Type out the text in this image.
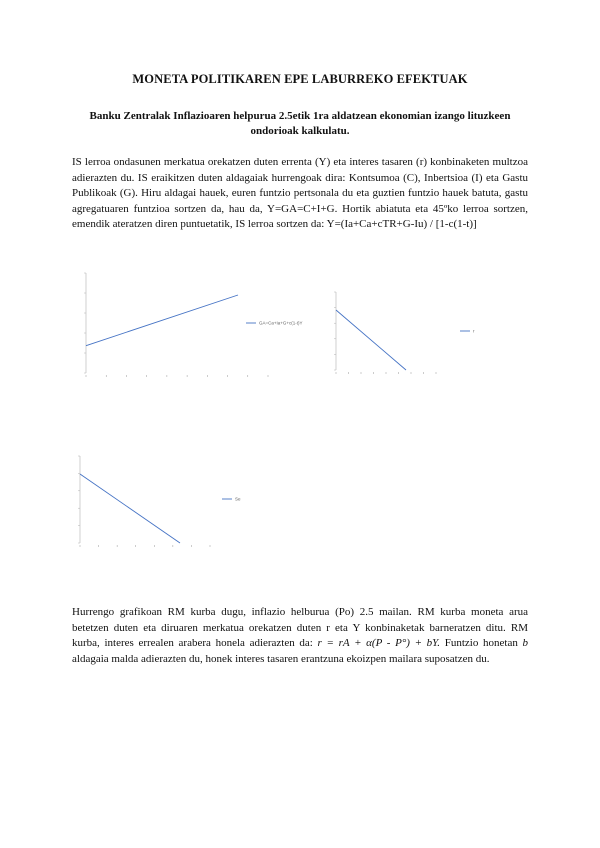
MONETA POLITIKAREN EPE LABURREKO EFEKTUAK
Banku Zentralak Inflazioaren helpurua 2.5etik 1ra aldatzean ekonomian izango lituzkeen ondorioak kalkulatu.
IS lerroa ondasunen merkatua orekatzen duten errenta (Y) eta interes tasaren (r) konbinaketen multzoa adierazten du. IS eraikitzen duten aldagaiak hurrengoak dira: Kontsumoa (C), Inbertsioa (I) eta Gastu Publikoak (G). Hiru aldagai hauek, euren funtzio pertsonala du eta guztien funtzio hauek batuta, gastu agregatuaren funtzioa sortzen da, hau da, Y=GA=C+I+G. Hortik abiatuta eta 45ºko lerroa sortzen, emendik ateratzen diren puntuetatik, IS lerroa sortzen da: Y=(Ia+Ca+cTR+G-Iu) / [1-c(1-t)]
GA=Ca+Ia+G+c(1-t)Y
r
Se
Hurrengo grafikoan RM kurba dugu, inflazio helburua (Po) 2.5 mailan. RM kurba moneta arua betetzen duten eta diruaren merkatua orekatzen duten r eta Y konbinaketak barneratzen ditu. RM kurba, interes errealen arabera honela adierazten da: r = rA + α(P - P°) + bY. Funtzio honetan b aldagaia malda adierazten du, honek interes tasaren erantzuna ekoizpen mailara suposatzen du.
